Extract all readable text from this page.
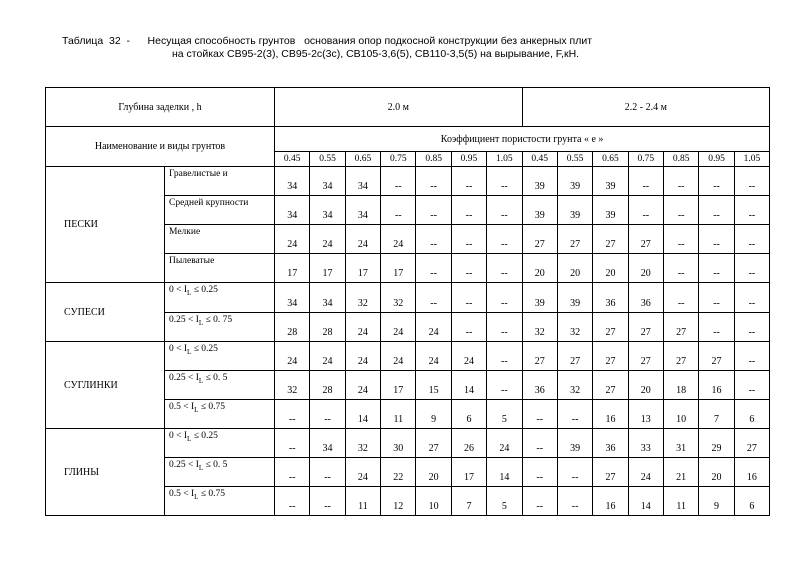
Таблица  32  -      Несущая способность грунтов   основания опор подкосной конструкции без анкерных плит
на стойках СВ95-2(3), СВ95-2с(3с), СВ105-3,6(5), СВ110-3,5(5) на вырывание, F,кН.
Глубина заделки , h		2.0 м							2.2 - 2.4 м						
Наименование и виды грунтов		Коэффициент пористости грунта « е »													
		0.45	0.55	0.65	0.75	0.85	0.95	1.05	0.45	0.55	0.65	0.75	0.85	0.95	1.05
ПЕСКИ	Гравелистые и	34	34	34	--	--	--	--	39	39	39	--	--	--	--
	Средней крупности	34	34	34	--	--	--	--	39	39	39	--	--	--	--
	Мелкие	24	24	24	24	--	--	--	27	27	27	27	--	--	--
	Пылеватые	17	17	17	17	--	--	--	20	20	20	20	--	--	--
СУПЕСИ	$0 < I_L \le 0.25$	34	34	32	32	--	--	--	39	39	36	36	--	--	--
	$0.25 < I_L \le 0$. 75	28	28	24	24	24	--	--	32	32	27	27	27	--	--
СУГЛИНКИ	$0 < I_L \le 0.25$	24	24	24	24	24	24	--	27	27	27	27	27	27	--
	$0.25 < I_L \le 0$. 5	32	28	24	17	15	14	--	36	32	27	20	18	16	--
	$0.5 < I_L \le 0.75$	--	--	14	11	9	6	5	--	--	16	13	10	7	6
ГЛИНЫ	$0 < I_L \le 0.25$	--	34	32	30	27	26	24	--	39	36	33	31	29	27
	$0.25 < I_L \le 0$. 5	--	--	24	22	20	17	14	--	--	27	24	21	20	16
	$0.5 < I_L \le 0.75$	--	--	11	12	10	7	5	--	--	16	14	11	9	6
